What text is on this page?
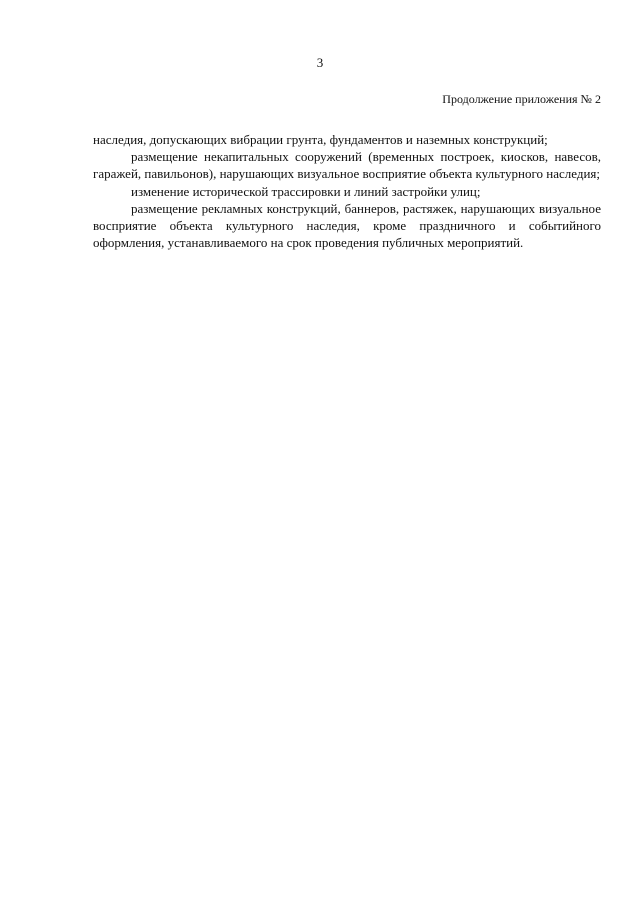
3
Продолжение приложения № 2

наследия, допускающих вибрации грунта, фундаментов и наземных конструкций;

размещение некапитальных сооружений (временных построек, киосков, навесов, гаражей, павильонов), нарушающих визуальное восприятие объекта культурного наследия;

изменение исторической трассировки и линий застройки улиц;

размещение рекламных конструкций, баннеров, растяжек, нарушающих визуальное восприятие объекта культурного наследия, кроме праздничного и событийного оформления, устанавливаемого на срок проведения публичных мероприятий.
